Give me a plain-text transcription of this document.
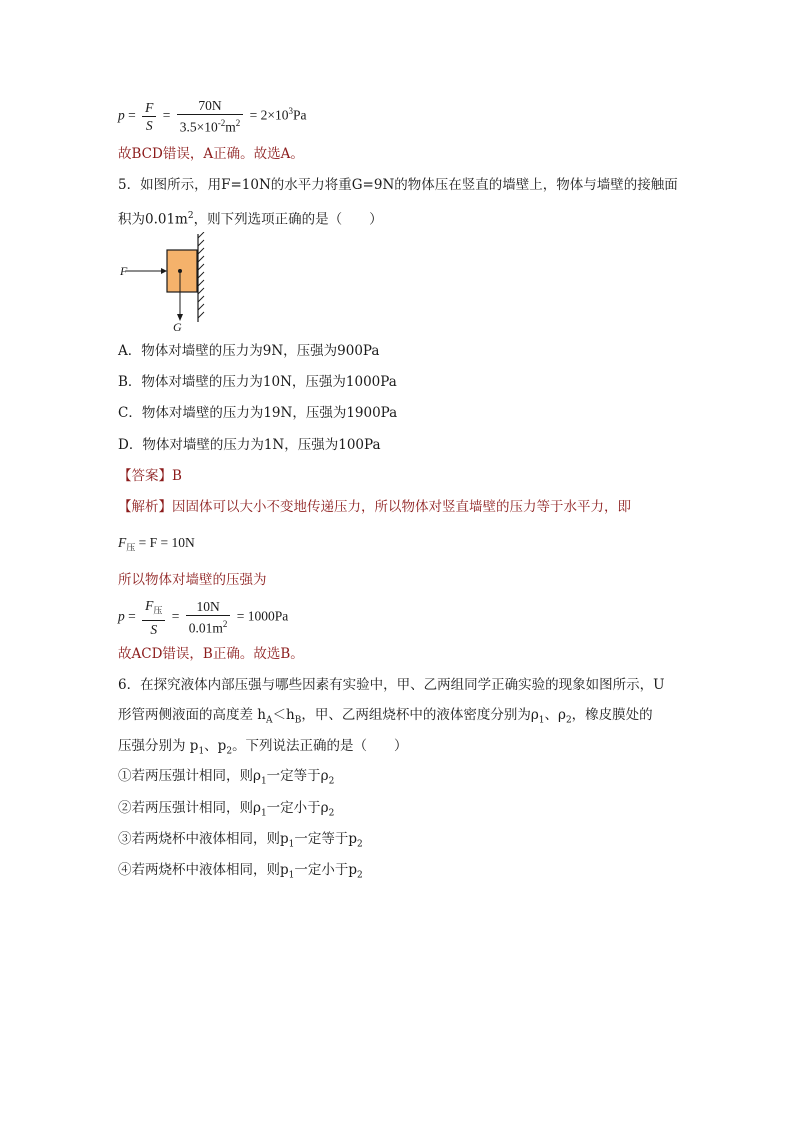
$p = \frac{F}{S} = \frac{70N}{3.5\times 10^{-2}m^2} = 2\times 10^3Pa$
故BCD错误，A正确。故选A。
5．如图所示，用F=10N的水平力将重G=9N的物体压在竖直的墙壁上，物体与墙壁的接触面
积为$0.01m^2$，则下列选项正确的是（　　）
F
G
A．物体对墙壁的压力为9N，压强为900Pa
B．物体对墙壁的压力为10N，压强为1000Pa
C．物体对墙壁的压力为19N，压强为1900Pa
D．物体对墙壁的压力为1N，压强为100Pa
【答案】B
【解析】因固体可以大小不变地传递压力，所以物体对竖直墙壁的压力等于水平力，即
$F_压 = F = 10N$
所以物体对墙壁的压强为
$p = \frac{F_压}{S} = \frac{10N}{0.01m^2} = 1000Pa$
故ACD错误，B正确。故选B。
6．在探究液体内部压强与哪些因素有实验中，甲、乙两组同学正确实验的现象如图所示，U
形管两侧液面的高度差 $h_A<h_B$，甲、乙两组烧杯中的液体密度分别为$\rho_1$、$\rho_2$，橡皮膜处的
压强分别为 $p_1$、$p_2$。下列说法正确的是（　　）
①若两压强计相同，则$\rho_1$一定等于$\rho_2$
②若两压强计相同，则$\rho_1$一定小于$\rho_2$
③若两烧杯中液体相同，则$p_1$一定等于$p_2$
④若两烧杯中液体相同，则$p_1$一定小于$p_2$
